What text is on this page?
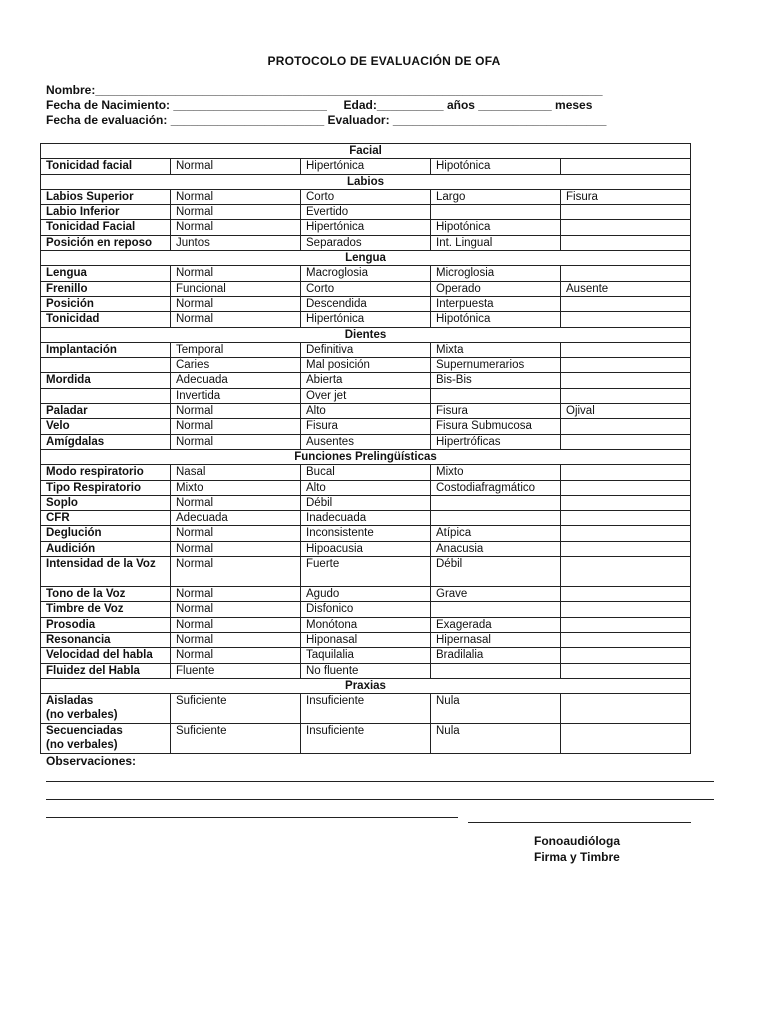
PROTOCOLO DE EVALUACIÓN DE OFA
Nombre:____________________________________________________________________________
Fecha de Nacimiento: _______________________     Edad:__________ años ___________ meses
Fecha de evaluación: _______________________ Evaluador: ________________________________
Facial				
Tonicidad facial	Normal	Hipertónica	Hipotónica	
Labios				
Labios Superior	Normal	Corto	Largo	Fisura
Labio Inferior	Normal	Evertido		
Tonicidad Facial	Normal	Hipertónica	Hipotónica	
Posición en reposo	Juntos	Separados	Int. Lingual	
Lengua				
Lengua	Normal	Macroglosia	Microglosia	
Frenillo	Funcional	Corto	Operado	Ausente
Posición	Normal	Descendida	Interpuesta	
Tonicidad	Normal	Hipertónica	Hipotónica	
Dientes				
Implantación	Temporal	Definitiva	Mixta	
	Caries	Mal posición	Supernumerarios	
Mordida	Adecuada	Abierta	Bis-Bis	
	Invertida	Over jet		
Paladar	Normal	Alto	Fisura	Ojival
Velo	Normal	Fisura	Fisura Submucosa	
Amígdalas	Normal	Ausentes	Hipertróficas	
Funciones Prelingüísticas				
Modo respiratorio	Nasal	Bucal	Mixto	
Tipo Respiratorio	Mixto	Alto	Costodiafragmático	
Soplo	Normal	Débil		
CFR	Adecuada	Inadecuada		
Deglución	Normal	Inconsistente	Atípica	
Audición	Normal	Hipoacusia	Anacusia	
Intensidad de la Voz	Normal	Fuerte	Débil	
Tono de la Voz	Normal	Agudo	Grave	
Timbre de Voz	Normal	Disfonico		
Prosodia	Normal	Monótona	Exagerada	
Resonancia	Normal	Hiponasal	Hipernasal	
Velocidad del habla	Normal	Taquilalia	Bradilalia	
Fluidez del Habla	Fluente	No fluente		
Praxias				
Aisladas
(no verbales)	Suficiente	Insuficiente	Nula	
Secuenciadas
(no verbales)	Suficiente	Insuficiente	Nula	
Observaciones:
Fonoaudióloga
Firma y Timbre
